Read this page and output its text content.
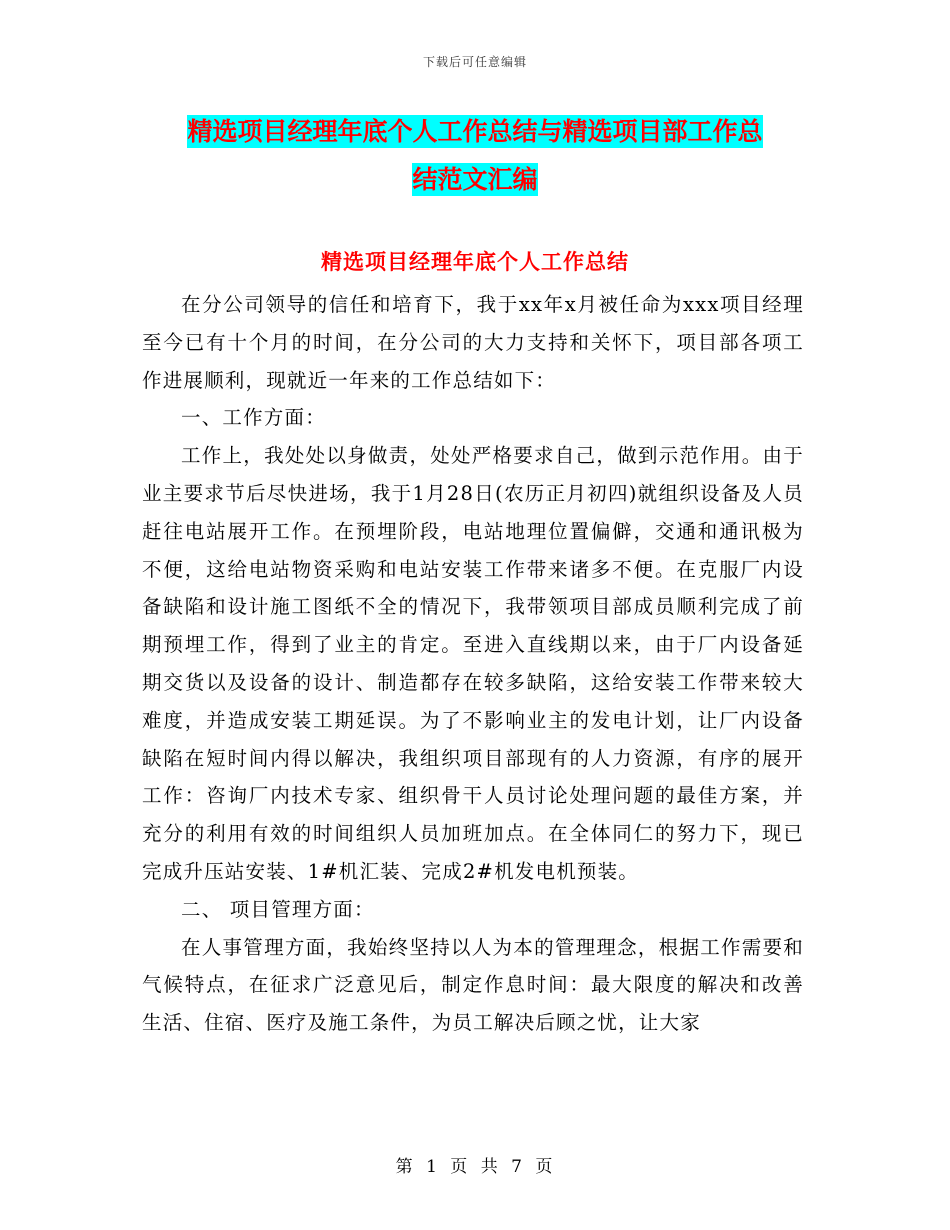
下载后可任意编辑
精选项目经理年底个人工作总结与精选项目部工作总
结范文汇编
精选项目经理年底个人工作总结

在分公司领导的信任和培育下，我于xx年x月被任命为xxx项目经理至今已有十个月的时间，在分公司的大力支持和关怀下，项目部各项工作进展顺利，现就近一年来的工作总结如下：

一、工作方面：

工作上，我处处以身做责，处处严格要求自己，做到示范作用。由于业主要求节后尽快进场，我于1月28日(农历正月初四)就组织设备及人员赶往电站展开工作。在预埋阶段，电站地理位置偏僻，交通和通讯极为不便，这给电站物资采购和电站安装工作带来诸多不便。在克服厂内设备缺陷和设计施工图纸不全的情况下，我带领项目部成员顺利完成了前期预埋工作，得到了业主的肯定。至进入直线期以来，由于厂内设备延期交货以及设备的设计、制造都存在较多缺陷，这给安装工作带来较大难度，并造成安装工期延误。为了不影响业主的发电计划，让厂内设备缺陷在短时间内得以解决，我组织项目部现有的人力资源，有序的展开工作：咨询厂内技术专家、组织骨干人员讨论处理问题的最佳方案，并充分的利用有效的时间组织人员加班加点。在全体同仁的努力下，现已完成升压站安装、1#机汇装、完成2#机发电机预装。

二、 项目管理方面：

在人事管理方面，我始终坚持以人为本的管理理念，根据工作需要和气候特点，在征求广泛意见后，制定作息时间：最大限度的解决和改善生活、住宿、医疗及施工条件，为员工解决后顾之忧，让大家

第 1 页 共 7 页
